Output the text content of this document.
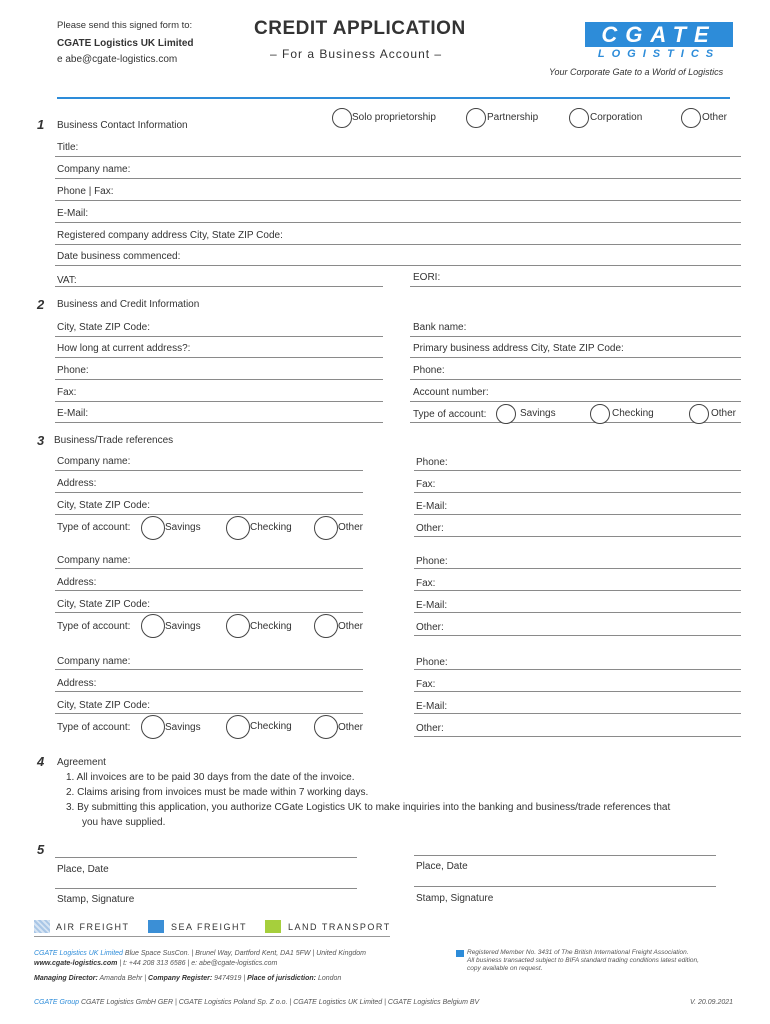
Please send this signed form to:
CGATE Logistics UK Limited
e abe@cgate-logistics.com
CREDIT APPLICATION
– For a Business Account –
CGATE
LOGISTICS
Your Corporate Gate to a World of Logistics
Solo proprietorship	Partnership	Corporation	Other
1 Business Contact Information
Title:
Company name:
Phone | Fax:
E-Mail:
Registered company address City, State ZIP Code:
Date business commenced:
VAT:	EORI:
2 Business and Credit Information
City, State ZIP Code:
How long at current address?:
Phone:
Fax:
E-Mail:
Bank name:
Primary business address City, State ZIP Code:
Phone:
Account number:
Type of account:	Savings	Checking	Other
3 Business/Trade references
Company name:
Address:
City, State ZIP Code:
Type of account:	Savings	Checking	Other
Phone:
Fax:
E-Mail:
Other:
Company name:
Address:
City, State ZIP Code:
Type of account:	Savings	Checking	Other
Phone:
Fax:
E-Mail:
Other:
Company name:
Address:
City, State ZIP Code:
Type of account:	Savings	Checking	Other
Phone:
Fax:
E-Mail:
Other:
4 Agreement
1. All invoices are to be paid 30 days from the date of the invoice.
2. Claims arising from invoices must be made within 7 working days.
3. By submitting this application, you authorize CGate Logistics UK to make inquiries into the banking and business/trade references that
you have supplied.
5
Place, Date	Place, Date
Stamp, Signature	Stamp, Signature
AIR FREIGHT	SEA FREIGHT	LAND TRANSPORT
CGATE Logistics UK Limited Blue Space SusCon. | Brunel Way, Dartford Kent, DA1 5FW | United Kingdom
www.cgate-logistics.com | t: +44 208 313 6586 | e: abe@cgate-logistics.com
Registered Member No. 3431 of The British International Freight Association.
All business transacted subject to BIFA standard trading conditions latest edition,
copy available on request.
Managing Director: Amanda Behr | Company Register: 9474919 | Place of jurisdiction: London
CGATE Group CGATE Logistics GmbH GER | CGATE Logistics Poland Sp. Z o.o. | CGATE Logistics UK Limited | CGATE Logistics Belgium BV	V. 20.09.2021
